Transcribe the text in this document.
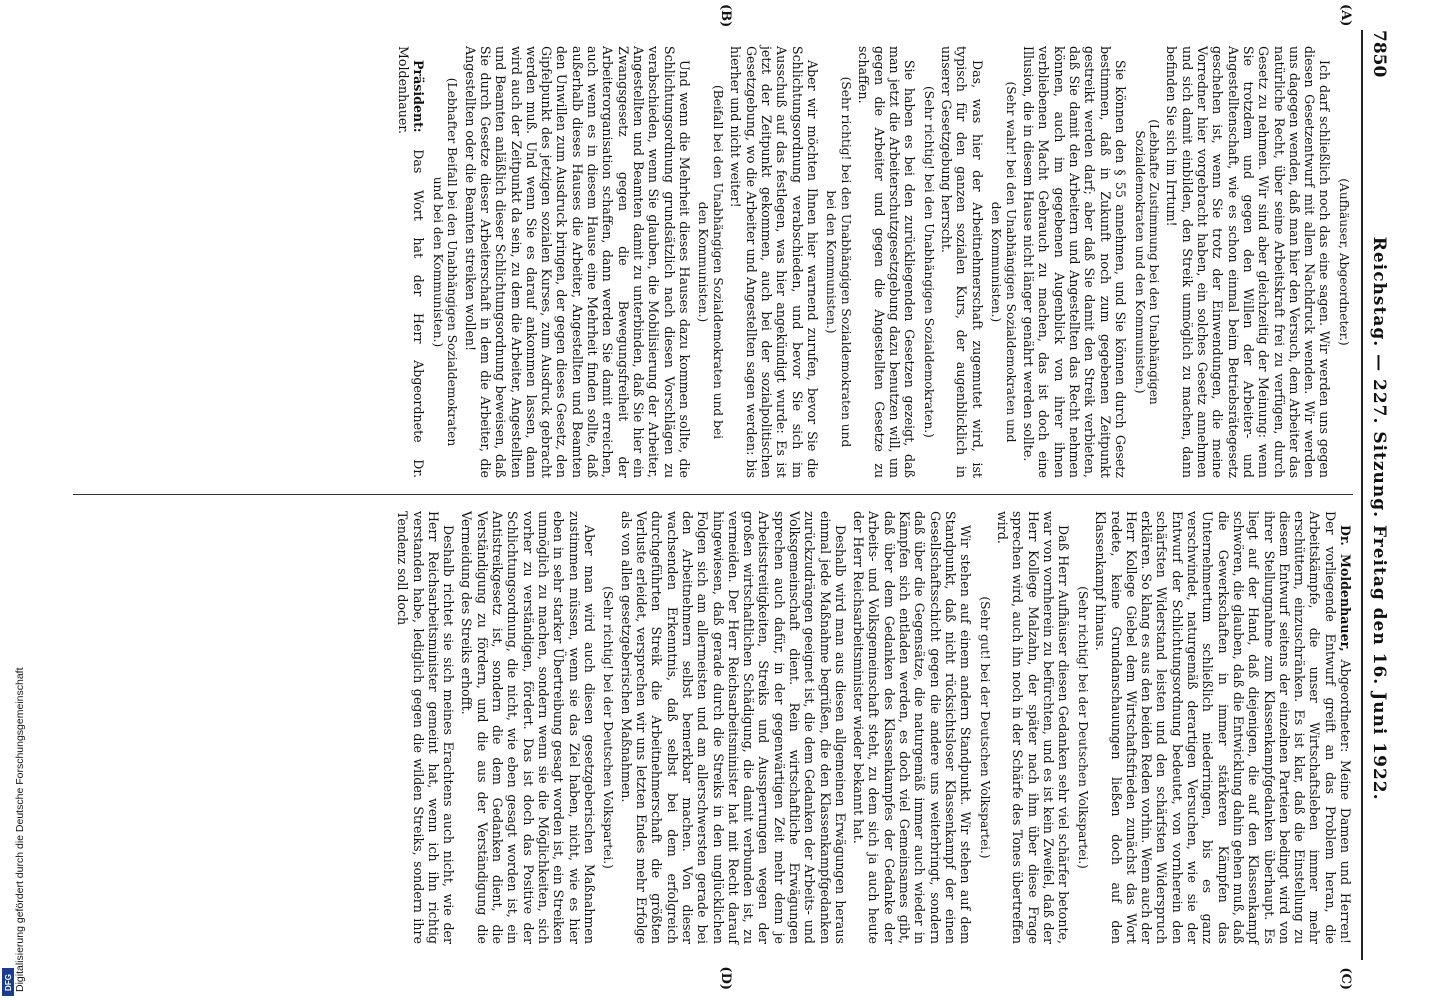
DFG Digitalisierung gefördert durch die Deutsche Forschungsgemeinschaft
7850
Reichstag. — 227. Sitzung. Freitag den 16. Juni 1922.
(A)
(B)
(Aufhäuser, Abgeordneter.)

Ich darf schließlich noch das eine sagen. Wir werden uns gegen diesen Gesetzentwurf mit allem Nachdruck wenden. Wir werden uns dagegen wenden, daß man hier den Versuch, dem Arbeiter das natürliche Recht, über seine Arbeitskraft frei zu verfügen, durch Gesetz zu nehmen. Wir sind aber gleichzeitig der Meinung: wenn Sie trotzdem und gegen den Willen der Arbeiter- und Angestelltenschaft, wie es schon einmal beim Betriebsrätegesetz geschehen ist, wenn Sie trotz der Einwendungen, die meine Vorredner hier vorgebracht haben, ein solches Gesetz annehmen und sich damit einbilden, den Streik unmöglich zu machen, dann befinden Sie sich im Irrtum!

(Lebhafte Zustimmung bei den Unabhängigen Sozialdemokraten und den Kommunisten.)

Sie können den § 55 annehmen, und Sie können durch Gesetz bestimmen, daß in Zukunft noch zum gegebenen Zeitpunkt gestreikt werden darf; aber daß Sie damit den Streik verbieten, daß Sie damit den Arbeitern und Angestellten das Recht nehmen können, auch im gegebenen Augenblick von ihrer ihnen verbliebenen Macht Gebrauch zu machen, das ist doch eine Illusion, die in diesem Hause nicht länger genährt werden sollte.

(Sehr wahr! bei den Unabhängigen Sozialdemokraten und den Kommunisten.)

Das, was hier der Arbeitnehmerschaft zugemutet wird, ist typisch für den ganzen sozialen Kurs, der augenblicklich in unserer Gesetzgebung herrscht.

(Sehr richtig! bei den Unabhängigen Sozialdemokraten.)

Sie haben es bei den zurückliegenden Gesetzen gezeigt, daß man jetzt die Arbeiterschutzgesetzgebung dazu benutzen will, um gegen die Arbeiter und gegen die Angestellten Gesetze zu schaffen.

(Sehr richtig! bei den Unabhängigen Sozialdemokraten und bei den Kommunisten.)

Aber wir möchten Ihnen hier warnend zurufen, bevor Sie die Schlichtungsordnung verabschieden, und bevor Sie sich im Ausschuß auf das festlegen, was hier angekündigt wurde: Es ist jetzt der Zeitpunkt gekommen, auch bei der sozialpolitischen Gesetzgebung, wo die Arbeiter und Angestellten sagen werden: bis hierher und nicht weiter!

(Beifall bei den Unabhängigen Sozialdemokraten und bei den Kommunisten.)

Und wenn die Mehrheit dieses Hauses dazu kommen sollte, die Schlichtungsordnung grundsätzlich nach diesen Vorschlägen zu verabschieden, wenn Sie glauben, die Mobilisierung der Arbeiter, Angestellten und Beamten damit zu unterbinden, daß Sie hier ein Zwangsgesetz gegen die Bewegungsfreiheit der Arbeiterorganisation schaffen, dann werden Sie damit erreichen, auch wenn es in diesem Hause eine Mehrheit finden sollte, daß außerhalb dieses Hauses die Arbeiter, Angestellten und Beamten den Unwillen zum Ausdruck bringen, der gegen dieses Gesetz, den Gipfelpunkt des jetzigen sozialen Kurses, zum Ausdruck gebracht werden muß. Und wenn Sie es darauf ankommen lassen, dann wird auch der Zeitpunkt da sein, zu dem die Arbeiter, Angestellten und Beamten anläßlich dieser Schlichtungsordnung beweisen, daß Sie durch Gesetze dieser Arbeiterschaft in dem die Arbeiter, die Angestellten oder die Beamten streiken wollen!

(Lebhafter Beifall bei den Unabhängigen Sozialdemokraten und bei den Kommunisten.)

Präsident: Das Wort hat der Herr Abgeordnete Dr. Moldenhauer.

(C)
(D)

Dr. Moldenhauer, Abgeordneter: Meine Damen und Herren! Der vorliegende Entwurf greift an das Problem heran, die Arbeitskämpfe, die unser Wirtschaftsleben immer mehr erschüttern, einzuschränken. Es ist klar, daß die Einstellung zu diesem Entwurf seitens der einzelnen Parteien bedingt wird von ihrer Stellungnahme zum Klassenkampfgedanken überhaupt. Es liegt auf der Hand, daß diejenigen, die auf den Klassenkampf schwören, die glauben, daß die Entwicklung dahin gehen muß, daß die Gewerkschaften in immer stärkeren Kämpfen das Unternehmertum schließlich niederringen, bis es ganz verschwindet, naturgemäß derartigen Versuchen, wie sie der Entwurf der Schlichtungsordnung bedeutet, von vornherein den schärfsten Widerstand leisten und den schärfsten Widerspruch erklären. So klang es aus den beiden Reden vorhin. Wenn auch der Herr Kollege Giebel dem Wirtschaftsfrieden zunächst das Wort redete, keine Grundanschauungen ließen doch auf den Klassenkampf hinaus.

(Sehr richtig! bei der Deutschen Volkspartei.)

Daß Herr Aufhäuser diesen Gedanken sehr viel schärfer betonte, war von vornherein zu befürchten, und es ist kein Zweifel, daß der Herr Kollege Malzahn, der später nach ihm über diese Frage sprechen wird, auch ihn noch in der Schärfe des Tones übertreffen wird.

(Sehr gut! bei der Deutschen Volkspartei.)

Wir stehen auf einem andern Standpunkt. Wir stehen auf dem Standpunkt, daß nicht rücksichtsloser Klassenkampf der einen Gesellschaftsschicht gegen die andere uns weiterbringt, sondern daß über die Gegensätze, die naturgemäß immer auch wieder in Kämpfen sich entladen werden, es doch viel Gemeinsames gibt, daß über dem Gedanken des Klassenkampfes der Gedanke der Arbeits- und Volksgemeinschaft steht, zu dem sich ja auch heute der Herr Reichsarbeitsminister wieder bekannt hat.

Deshalb wird man aus diesen allgemeinen Erwägungen heraus einmal jede Maßnahme begrüßen, die den Klassenkampfgedanken zurückzudrängen geeignet ist, die dem Gedanken der Arbeits- und Volksgemeinschaft dient. Rein wirtschaftliche Erwägungen sprechen auch dafür, in der gegenwärtigen Zeit mehr denn je Arbeitsstreitigkeiten, Streiks und Aussperrungen wegen der großen wirtschaftlichen Schädigung, die damit verbunden ist, zu vermeiden. Der Herr Reichsarbeitsminister hat mit Recht darauf hingewiesen, daß gerade durch die Streiks in den unglücklichen Folgen sich am allermeisten und am allerschwersten gerade bei den Arbeitnehmern selbst bemerkbar machen. Von dieser wachsenden Erkenntnis, daß selbst bei dem erfolgreich durchgeführten Streik die Arbeitnehmerschaft die größten Verluste erleidet, versprechen wir uns letzten Endes mehr Erfolge als von allen gesetzgeberischen Maßnahmen.

(Sehr richtig! bei der Deutschen Volkspartei.)

Aber man wird auch diesen gesetzgeberischen Maßnahmen zustimmen müssen, wenn sie das Ziel haben, nicht, wie es hier eben in sehr starker Übertreibung gesagt worden ist, ein Streiken unmöglich zu machen, sondern wenn sie die Möglichkeiten, sich vorher zu verständigen, fördert. Das ist doch das Positive der Schlichtungsordnung, die nicht, wie eben gesagt worden ist, ein Antistreikgesetz ist, sondern die dem Gedanken dient, die Verständigung zu fördern, und die aus der Verständigung die Vermeidung des Streiks erhofft.

Deshalb richtet sie sich meines Erachtens auch nicht, wie der Herr Reichsarbeitsminister gemeint hat, wenn ich ihn richtig verstanden habe, lediglich gegen die wilden Streiks, sondern ihre Tendenz soll doch
